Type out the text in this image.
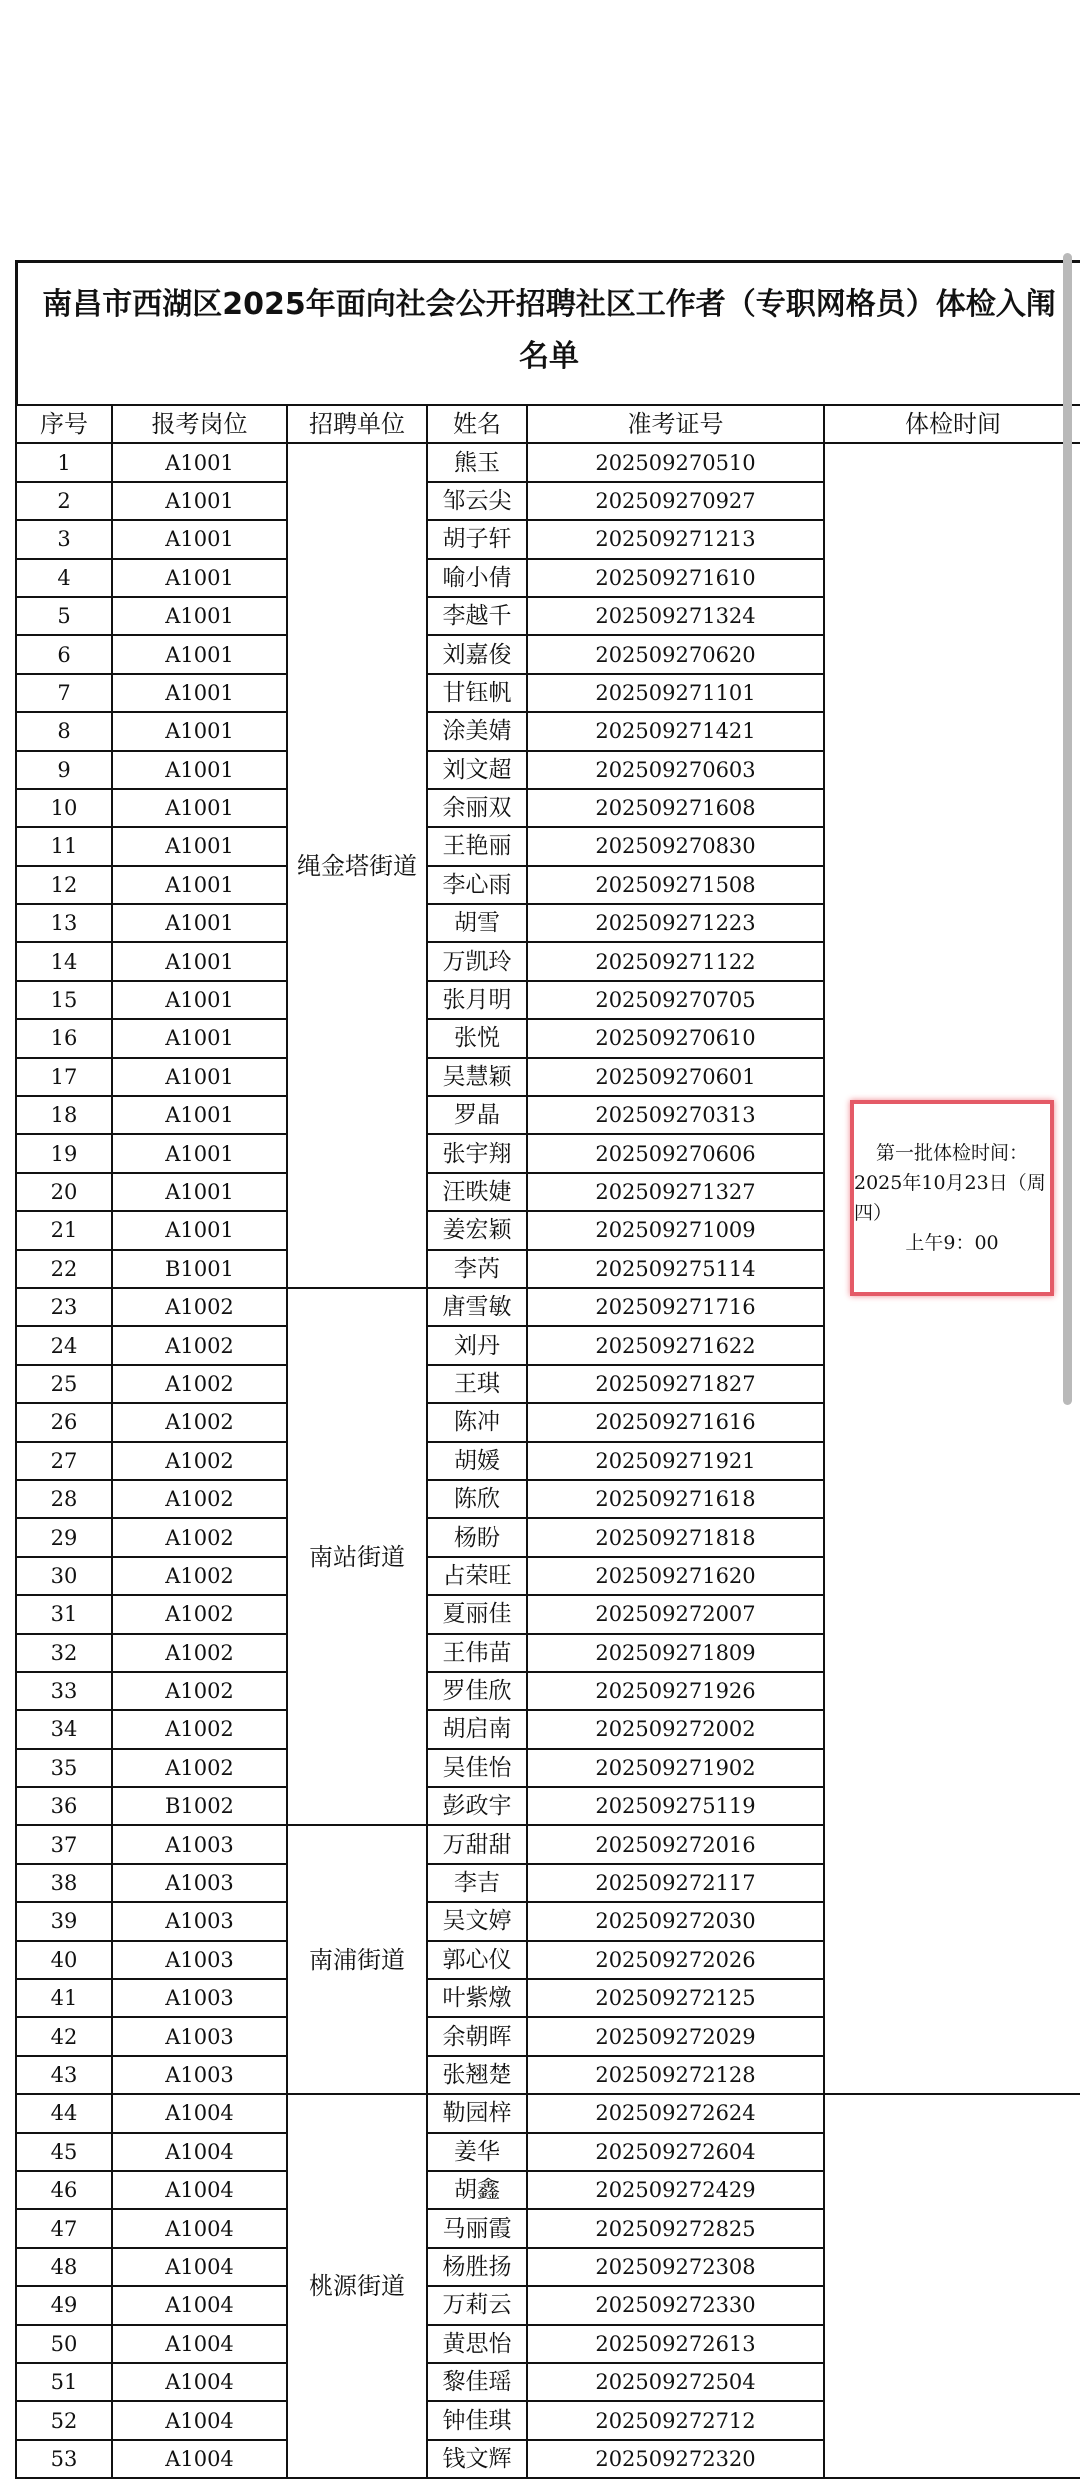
南昌市西湖区2025年面向社会公开招聘社区工作者（专职网格员）体检入闱
名单
序号	报考岗位	招聘单位	姓名	准考证号	体检时间
1	A1001	绳金塔街道	熊玉	202509270510	
2	A1001		邹云尖	202509270927	
3	A1001		胡子轩	202509271213	
4	A1001		喻小倩	202509271610	
5	A1001		李越千	202509271324	
6	A1001		刘嘉俊	202509270620	
7	A1001		甘钰帆	202509271101	
8	A1001		涂美婧	202509271421	
9	A1001		刘文超	202509270603	
10	A1001		余丽双	202509271608	
11	A1001		王艳丽	202509270830	
12	A1001		李心雨	202509271508	
13	A1001		胡雪	202509271223	
14	A1001		万凯玲	202509271122	
15	A1001		张月明	202509270705	
16	A1001		张悦	202509270610	
17	A1001		吴慧颖	202509270601	
18	A1001		罗晶	202509270313	
19	A1001		张宇翔	202509270606	
20	A1001		汪昳婕	202509271327	
21	A1001		姜宏颖	202509271009	
22	B1001		李芮	202509275114	
23	A1002	南站街道	唐雪敏	202509271716	
24	A1002		刘丹	202509271622	
25	A1002		王琪	202509271827	
26	A1002		陈冲	202509271616	
27	A1002		胡媛	202509271921	
28	A1002		陈欣	202509271618	
29	A1002		杨盼	202509271818	
30	A1002		占荣旺	202509271620	
31	A1002		夏丽佳	202509272007	
32	A1002		王伟苗	202509271809	
33	A1002		罗佳欣	202509271926	
34	A1002		胡启南	202509272002	
35	A1002		吴佳怡	202509271902	
36	B1002		彭政宇	202509275119	
37	A1003	南浦街道	万甜甜	202509272016	
38	A1003		李吉	202509272117	
39	A1003		吴文婷	202509272030	
40	A1003		郭心仪	202509272026	
41	A1003		叶紫燉	202509272125	
42	A1003		余朝晖	202509272029	
43	A1003		张翘楚	202509272128	
44	A1004	桃源街道	勒园梓	202509272624	
45	A1004		姜华	202509272604	
46	A1004		胡鑫	202509272429	
47	A1004		马丽霞	202509272825	
48	A1004		杨胜扬	202509272308	
49	A1004		万莉云	202509272330	
50	A1004		黄思怡	202509272613	
51	A1004		黎佳瑶	202509272504	
52	A1004		钟佳琪	202509272712	
53	A1004		钱文辉	202509272320	
第一批体检时间：
2025年10月23日（周四）
上午9：00
